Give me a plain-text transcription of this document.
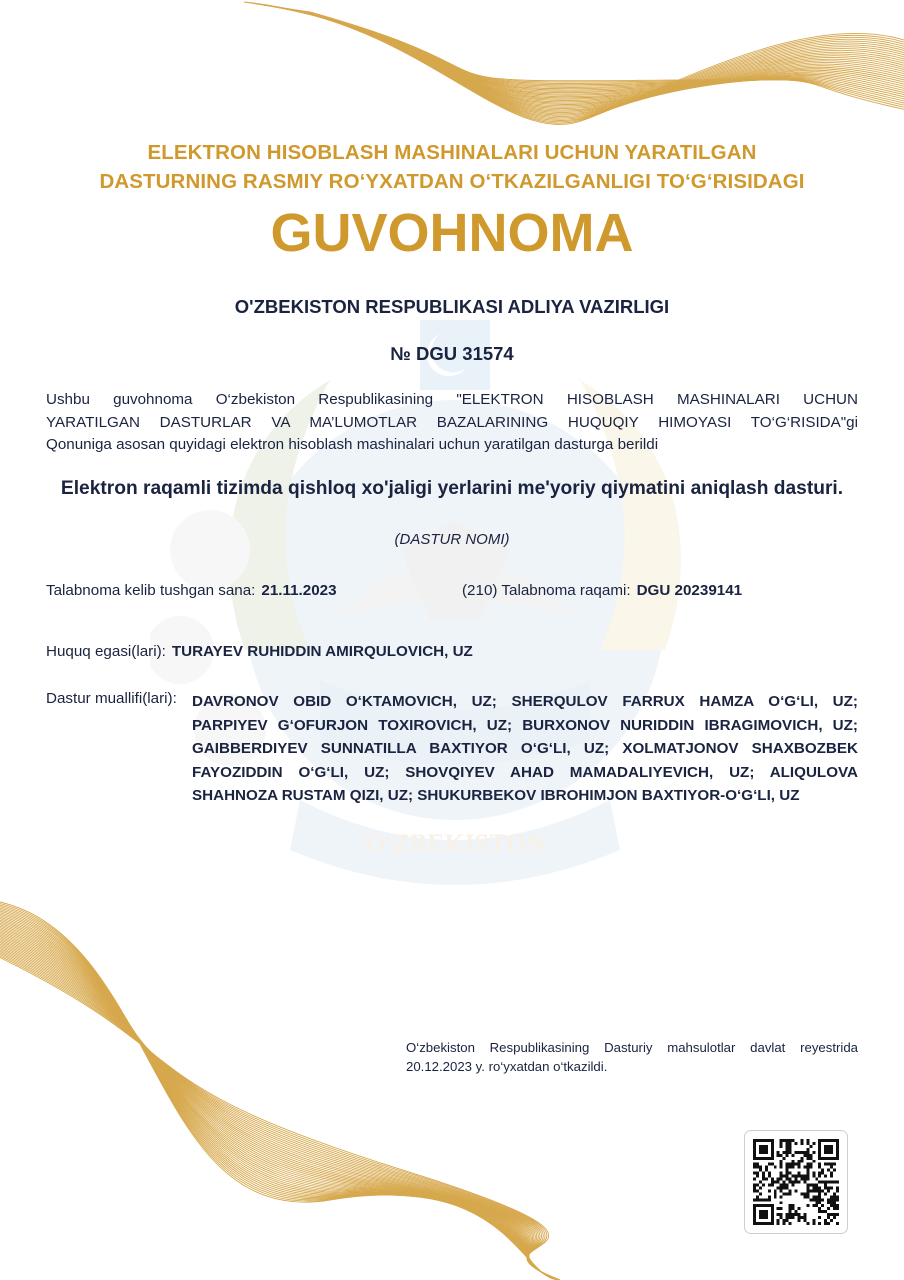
O'ZBEKISTON
ELEKTRON HISOBLASH MASHINALARI UCHUN YARATILGAN
DASTURNING RASMIY RO‘YXATDAN O‘TKAZILGANLIGI TO‘G‘RISIDAGI
GUVOHNOMA
O'ZBEKISTON RESPUBLIKASI ADLIYA VAZIRLIGI
№ DGU 31574
Ushbu guvohnoma O‘zbekiston Respublikasining "ELEKTRON HISOBLASH MASHINALARI UCHUN
YARATILGAN DASTURLAR VA MA’LUMOTLAR BAZALARINING HUQUQIY HIMOYASI TO‘G‘RISIDA"gi
Qonuniga asosan quyidagi elektron hisoblash mashinalari uchun yaratilgan dasturga berildi
Elektron raqamli tizimda qishloq xo'jaligi yerlarini me'yoriy qiymatini aniqlash dasturi.
(DASTUR NOMI)
Talabnoma kelib tushgan sana: 21.11.2023	(210) Talabnoma raqami: DGU 20239141
Huquq egasi(lari): TURAYEV RUHIDDIN AMIRQULOVICH, UZ
Dastur muallifi(lari): DAVRONOV OBID O‘KTAMOVICH, UZ; SHERQULOV FARRUX HAMZA O‘G‘LI, UZ;
PARPIYEV G‘OFURJON TOXIROVICH, UZ; BURXONOV NURIDDIN IBRAGIMOVICH, UZ;
GAIBBERDIYEV SUNNATILLA BAXTIYOR O‘G‘LI, UZ; XOLMATJONOV SHAXBOZBEK
FAYOZIDDIN O‘G‘LI, UZ; SHOVQIYEV AHAD MAMADALIYEVICH, UZ; ALIQULOVA
SHAHNOZA RUSTAM QIZI, UZ; SHUKURBEKOV IBROHIMJON BAXTIYOR-O‘G‘LI, UZ
O‘zbekiston Respublikasining Dasturiy mahsulotlar davlat reyestrida
20.12.2023 y. ro‘yxatdan o‘tkazildi.
